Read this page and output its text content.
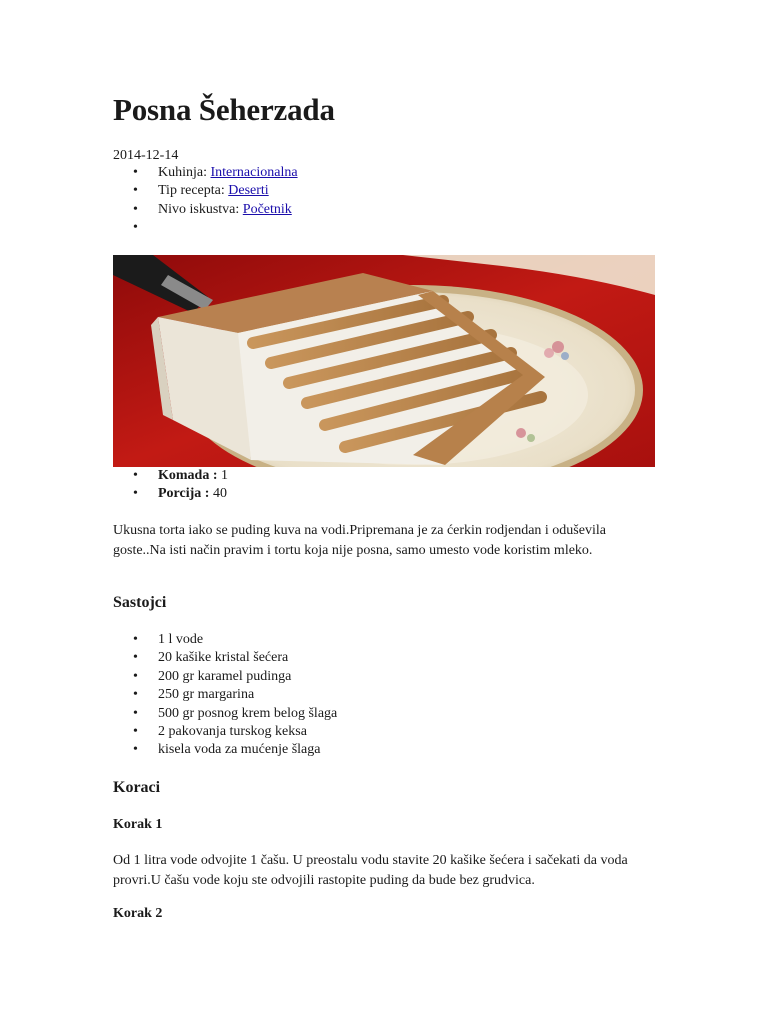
Posna Šeherzada
2014-12-14
• Kuhinja: Internacionalna
• Tip recepta: Deserti
• Nivo iskustva: Početnik
•
• Komada : 1
• Porcija : 40

Ukusna torta iako se puding kuva na vodi.Pripremana je za ćerkin rodjendan i oduševila goste..Na isti način pravim i tortu koja nije posna, samo umesto vode koristim mleko.

Sastojci
• 1 l vode
• 20 kašike kristal šećera
• 200 gr karamel pudinga
• 250 gr margarina
• 500 gr posnog krem belog šlaga
• 2 pakovanja turskog keksa
• kisela voda za mućenje šlaga
Koraci
Korak 1

Od 1 litra vode odvojite 1 čašu. U preostalu vodu stavite 20 kašike šećera i sačekati da voda provri.U čašu vode koju ste odvojili rastopite puding da bude bez grudvica.

Korak 2
